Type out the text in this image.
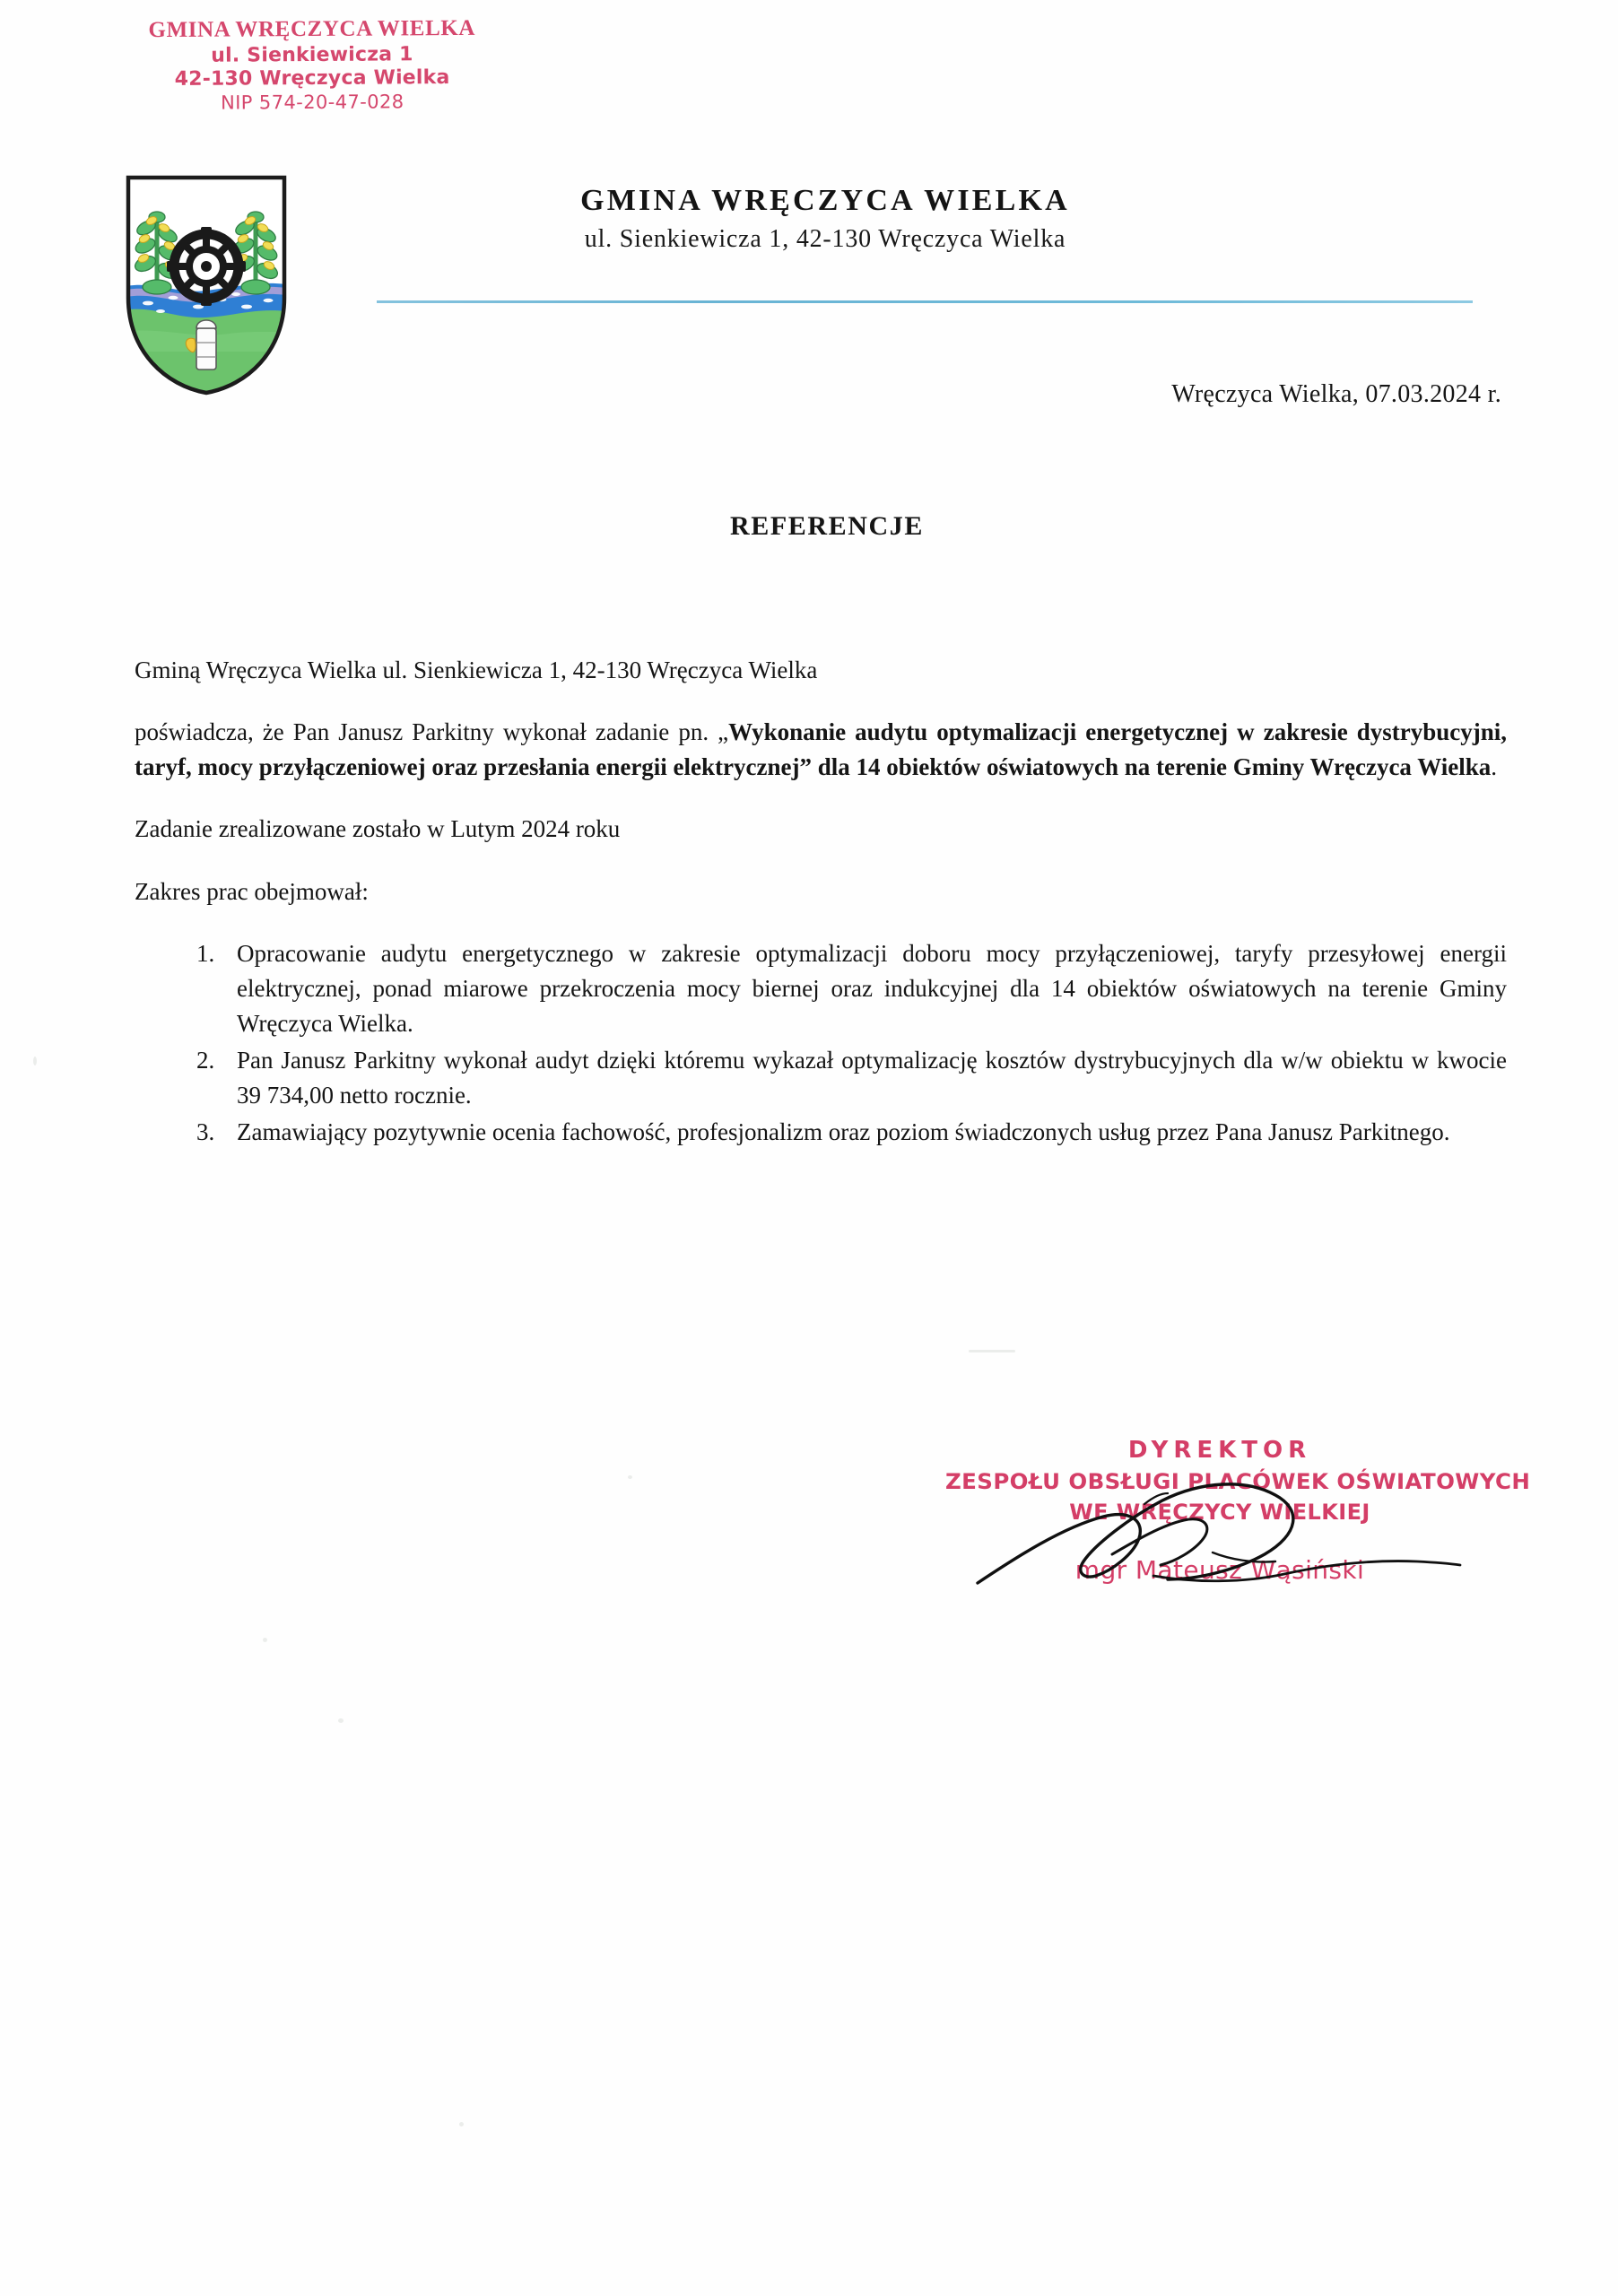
GMINA WRĘCZYCA WIELKA
ul. Sienkiewicza 1
42-130 Wręczyca Wielka
NIP 574-20-47-028
GMINA WRĘCZYCA WIELKA
ul. Sienkiewicza 1, 42-130 Wręczyca Wielka
Wręczyca Wielka, 07.03.2024 r.
REFERENCJE

Gminą Wręczyca Wielka ul. Sienkiewicza 1, 42-130 Wręczyca Wielka

poświadcza, że Pan Janusz Parkitny wykonał zadanie pn. „Wykonanie audytu optymalizacji energetycznej w zakresie dystrybucyjni, taryf, mocy przyłączeniowej oraz przesłania energii elektrycznej” dla 14 obiektów oświatowych na terenie Gminy Wręczyca Wielka.

Zadanie zrealizowane zostało w Lutym 2024 roku

Zakres prac obejmował:

1. Opracowanie audytu energetycznego w zakresie optymalizacji doboru mocy przyłączeniowej, taryfy przesyłowej energii elektrycznej, ponad miarowe przekroczenia mocy biernej oraz indukcyjnej dla 14 obiektów oświatowych na terenie Gminy Wręczyca Wielka.
2. Pan Janusz Parkitny wykonał audyt dzięki któremu wykazał optymalizację kosztów dystrybucyjnych dla w/w obiektu w kwocie 39 734,00 netto rocznie.
3. Zamawiający pozytywnie ocenia fachowość, profesjonalizm oraz poziom świadczonych usług przez Pana Janusz Parkitnego.
DYREKTOR
ZESPOŁU OBSŁUGI PLACÓWEK OŚWIATOWYCH
WE WRĘCZYCY WIELKIEJ
mgr Mateusz Wąsiński
